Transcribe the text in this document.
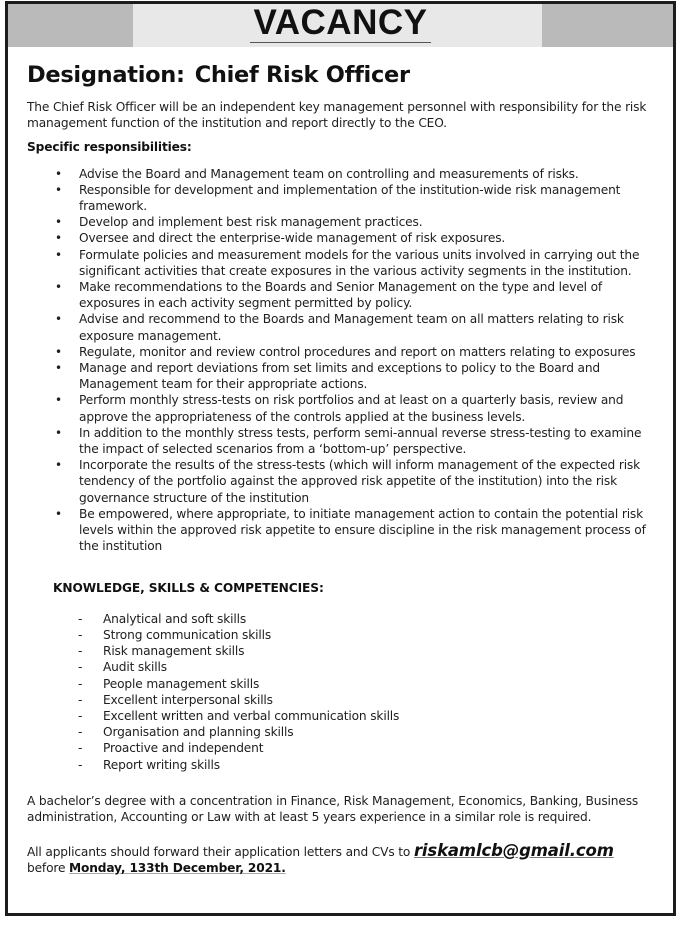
VACANCY
Designation: Chief Risk Officer

The Chief Risk Officer will be an independent key management personnel with responsibility for the risk management function of the institution and report directly to the CEO.

Specific responsibilities:
• Advise the Board and Management team on controlling and measurements of risks.
• Responsible for development and implementation of the institution-wide risk management framework.
• Develop and implement best risk management practices.
• Oversee and direct the enterprise-wide management of risk exposures.
• Formulate policies and measurement models for the various units involved in carrying out the significant activities that create exposures in the various activity segments in the institution.
• Make recommendations to the Boards and Senior Management on the type and level of exposures in each activity segment permitted by policy.
• Advise and recommend to the Boards and Management team on all matters relating to risk exposure management.
• Regulate, monitor and review control procedures and report on matters relating to exposures
• Manage and report deviations from set limits and exceptions to policy to the Board and Management team for their appropriate actions.
• Perform monthly stress-tests on risk portfolios and at least on a quarterly basis, review and approve the appropriateness of the controls applied at the business levels.
• In addition to the monthly stress tests, perform semi-annual reverse stress-testing to examine the impact of selected scenarios from a ‘bottom-up’ perspective.
• Incorporate the results of the stress-tests (which will inform management of the expected risk tendency of the portfolio against the approved risk appetite of the institution) into the risk governance structure of the institution
• Be empowered, where appropriate, to initiate management action to contain the potential risk levels within the approved risk appetite to ensure discipline in the risk management process of the institution
KNOWLEDGE, SKILLS & COMPETENCIES:
- Analytical and soft skills
- Strong communication skills
- Risk management skills
- Audit skills
- People management skills
- Excellent interpersonal skills
- Excellent written and verbal communication skills
- Organisation and planning skills
- Proactive and independent
- Report writing skills

A bachelor’s degree with a concentration in Finance, Risk Management, Economics, Banking, Business administration, Accounting or Law with at least 5 years experience in a similar role is required.

All applicants should forward their application letters and CVs to riskamlcb@gmail.com
before Monday, 133th December, 2021.
